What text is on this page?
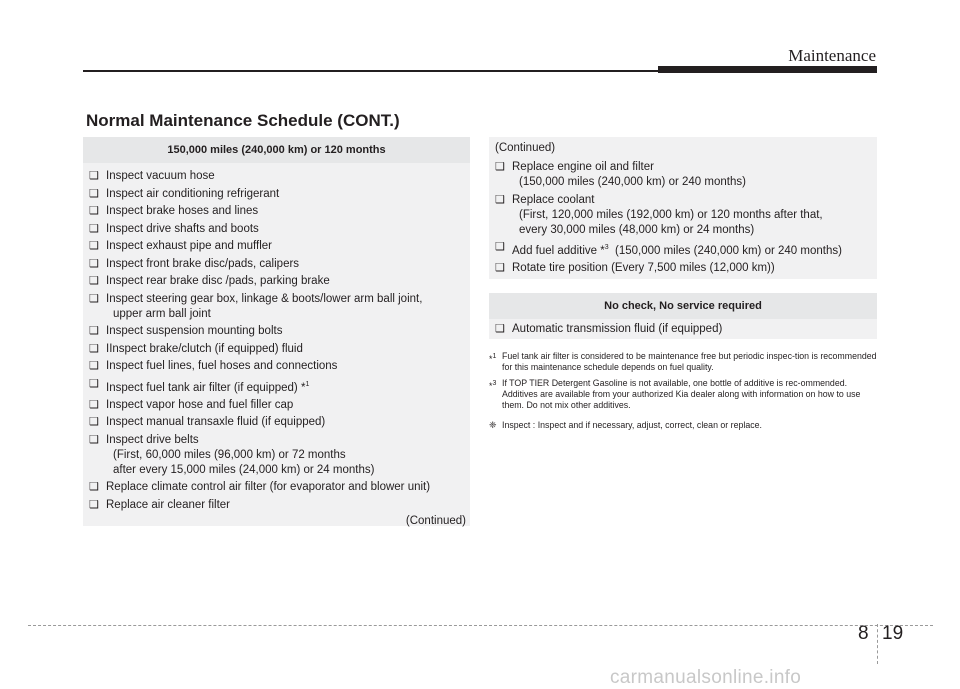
Maintenance
Normal Maintenance Schedule (CONT.)
150,000 miles (240,000 km) or 120 months
❑ Inspect vacuum hose
❑ Inspect air conditioning refrigerant
❑ Inspect brake hoses and lines
❑ Inspect drive shafts and boots
❑ Inspect exhaust pipe and muffler
❑ Inspect front brake disc/pads, calipers
❑ Inspect rear brake disc /pads, parking brake
❑ Inspect steering gear box, linkage & boots/lower arm ball joint,
upper arm ball joint
❑ Inspect suspension mounting bolts
❑ IInspect brake/clutch (if equipped) fluid
❑ Inspect fuel lines, fuel hoses and connections
❑ Inspect fuel tank air filter (if equipped) *$^1$
❑ Inspect vapor hose and fuel filler cap
❑ Inspect manual transaxle fluid (if equipped)
❑ Inspect drive belts
(First, 60,000 miles (96,000 km) or 72 months
after every 15,000 miles (24,000 km) or 24 months)
❑ Replace climate control air filter (for evaporator and blower unit)
❑ Replace air cleaner filter
(Continued)
(Continued)
❑ Replace engine oil and filter
(150,000 miles (240,000 km) or 240 months)
❑ Replace coolant
(First, 120,000 miles (192,000 km) or 120 months after that,
every 30,000 miles (48,000 km) or 24 months)
❑ Add fuel additive *$^3$  (150,000 miles (240,000 km) or 240 months)
❑ Rotate tire position (Every 7,500 miles (12,000 km))
No check, No service required
❑ Automatic transmission fluid (if equipped)
*$^1$ Fuel tank air filter is considered to be maintenance free but periodic inspec-tion is recommended for this maintenance schedule depends on fuel quality.
*$^3$ If TOP TIER Detergent Gasoline is not available, one bottle of additive is rec-ommended. Additives are available from your authorized Kia dealer along with information on how to use them. Do not mix other additives.
❈ Inspect : Inspect and if necessary, adjust, correct, clean or replace.
8 19
carmanualsonline.info
